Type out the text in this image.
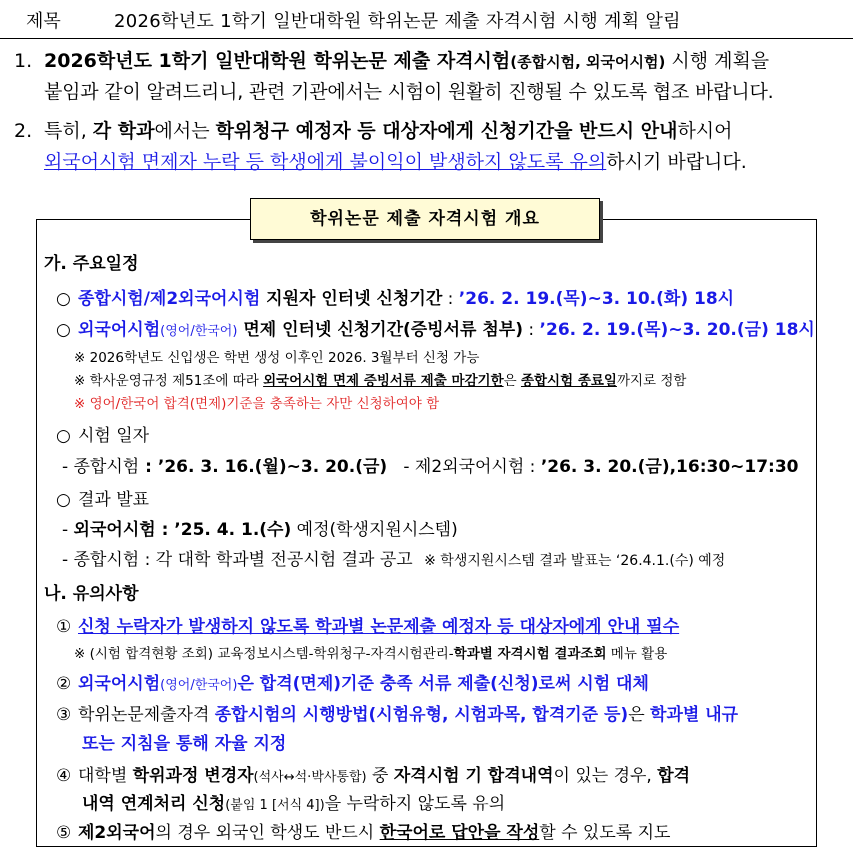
제목	2026학년도 1학기 일반대학원 학위논문 제출 자격시험 시행 계획 알림
1. 2026학년도 1학기 일반대학원 학위논문 제출 자격시험(종합시험, 외국어시험) 시행 계획을
붙임과 같이 알려드리니, 관련 기관에서는 시험이 원활히 진행될 수 있도록 협조 바랍니다.
2. 특히, 각 학과에서는 학위청구 예정자 등 대상자에게 신청기간을 반드시 안내하시어
외국어시험 면제자 누락 등 학생에게 불이익이 발생하지 않도록 유의하시기 바랍니다.
학위논문 제출 자격시험 개요
가. 주요일정
○ 종합시험/제2외국어시험 지원자 인터넷 신청기간 : ’26. 2. 19.(목)~3. 10.(화) 18시
○ 외국어시험(영어/한국어) 면제 인터넷 신청기간(증빙서류 첨부) : ’26. 2. 19.(목)~3. 20.(금) 18시
※ 2026학년도 신입생은 학번 생성 이후인 2026. 3월부터 신청 가능
※ 학사운영규정 제51조에 따라 외국어시험 면제 증빙서류 제출 마감기한은 종합시험 종료일까지로 정함
※ 영어/한국어 합격(면제)기준을 충족하는 자만 신청하여야 함
○ 시험 일자
- 종합시험 : ’26. 3. 16.(월)~3. 20.(금)   - 제2외국어시험 : ’26. 3. 20.(금),16:30~17:30
○ 결과 발표
- 외국어시험 : ’25. 4. 1.(수) 예정(학생지원시스템)
- 종합시험 : 각 대학 학과별 전공시험 결과 공고 ※ 학생지원시스템 결과 발표는 ‘26.4.1.(수) 예정
나. 유의사항
① 신청 누락자가 발생하지 않도록 학과별 논문제출 예정자 등 대상자에게 안내 필수
※ (시험 합격현황 조회) 교육정보시스템-학위청구-자격시험관리-학과별 자격시험 결과조회 메뉴 활용
② 외국어시험(영어/한국어)은 합격(면제)기준 충족 서류 제출(신청)로써 시험 대체
③ 학위논문제출자격 종합시험의 시행방법(시험유형, 시험과목, 합격기준 등)은 학과별 내규
또는 지침을 통해 자율 지정
④ 대학별 학위과정 변경자(석사↔석·박사통합) 중 자격시험 기 합격내역이 있는 경우, 합격
내역 연계처리 신청(붙임 1 [서식 4])을 누락하지 않도록 유의
⑤ 제2외국어의 경우 외국인 학생도 반드시 한국어로 답안을 작성할 수 있도록 지도
